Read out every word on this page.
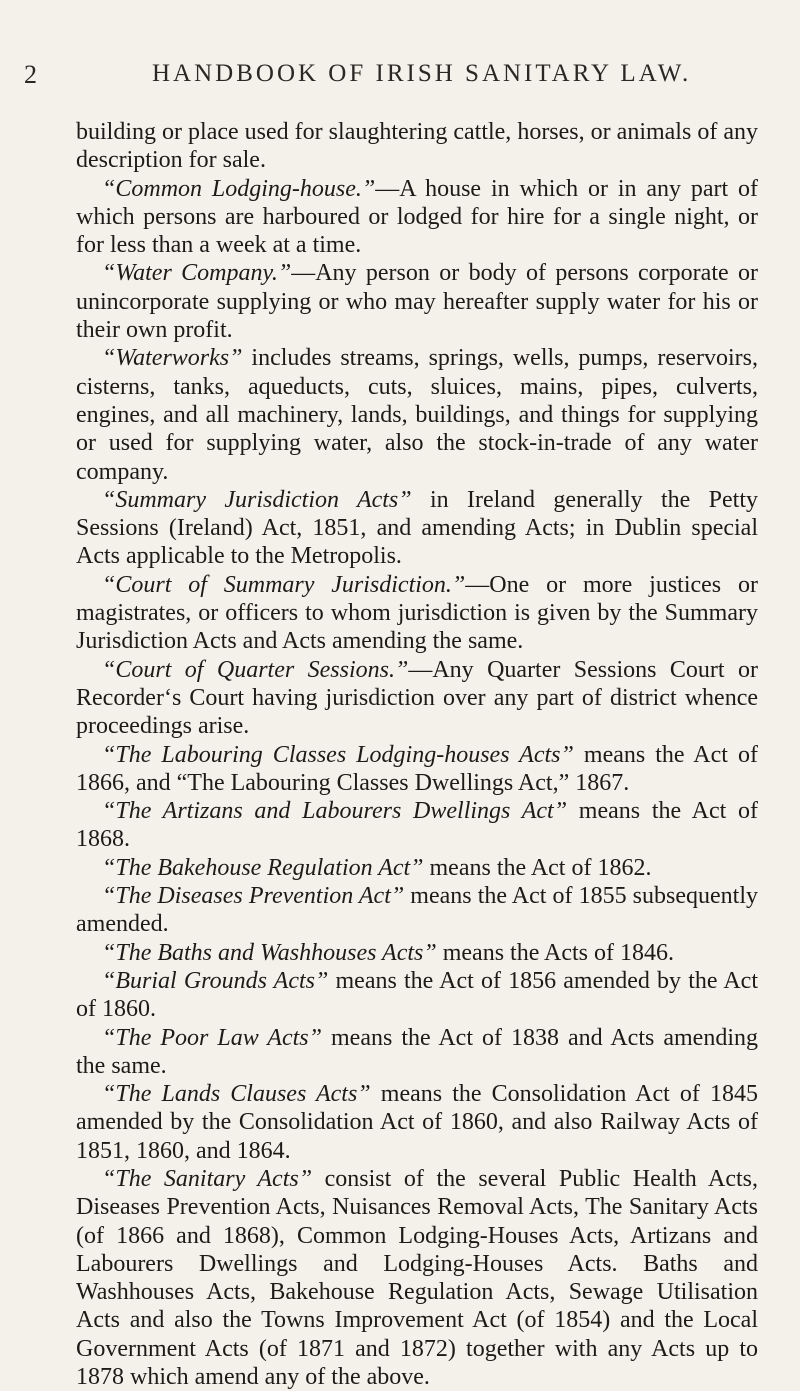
2	HANDBOOK OF IRISH SANITARY LAW.

building or place used for slaughtering cattle, horses, or animals of any description for sale.

“Common Lodging-house.”—A house in which or in any part of which persons are harboured or lodged for hire for a single night, or for less than a week at a time.

“Water Company.”—Any person or body of persons corporate or unincorporate supplying or who may hereafter supply water for his or their own profit.

“Waterworks” includes streams, springs, wells, pumps, reservoirs, cisterns, tanks, aqueducts, cuts, sluices, mains, pipes, culverts, engines, and all machinery, lands, buildings, and things for supplying or used for supplying water, also the stock-in-trade of any water company.

“Summary Jurisdiction Acts” in Ireland generally the Petty Sessions (Ireland) Act, 1851, and amending Acts; in Dublin special Acts applicable to the Metropolis.

“Court of Summary Jurisdiction.”—One or more justices or magistrates, or officers to whom jurisdiction is given by the Summary Jurisdiction Acts and Acts amending the same.

“Court of Quarter Sessions.”—Any Quarter Sessions Court or Recorder‘s Court having jurisdiction over any part of district whence proceedings arise.

“The Labouring Classes Lodging-houses Acts” means the Act of 1866, and “The Labouring Classes Dwellings Act,” 1867.

“The Artizans and Labourers Dwellings Act” means the Act of 1868.

“The Bakehouse Regulation Act” means the Act of 1862.

“The Diseases Prevention Act” means the Act of 1855 subsequently amended.

“The Baths and Washhouses Acts” means the Acts of 1846.

“Burial Grounds Acts” means the Act of 1856 amended by the Act of 1860.

“The Poor Law Acts” means the Act of 1838 and Acts amending the same.

“The Lands Clauses Acts” means the Consolidation Act of 1845 amended by the Consolidation Act of 1860, and also Railway Acts of 1851, 1860, and 1864.

“The Sanitary Acts” consist of the several Public Health Acts, Diseases Prevention Acts, Nuisances Removal Acts, The Sanitary Acts (of 1866 and 1868), Common Lodging-Houses Acts, Artizans and Labourers Dwellings and Lodging-Houses Acts. Baths and Washhouses Acts, Bakehouse Regulation Acts, Sewage Utilisation Acts and also the Towns Improvement Act (of 1854) and the Local Government Acts (of 1871 and 1872) together with any Acts up to 1878 which amend any of the above.
